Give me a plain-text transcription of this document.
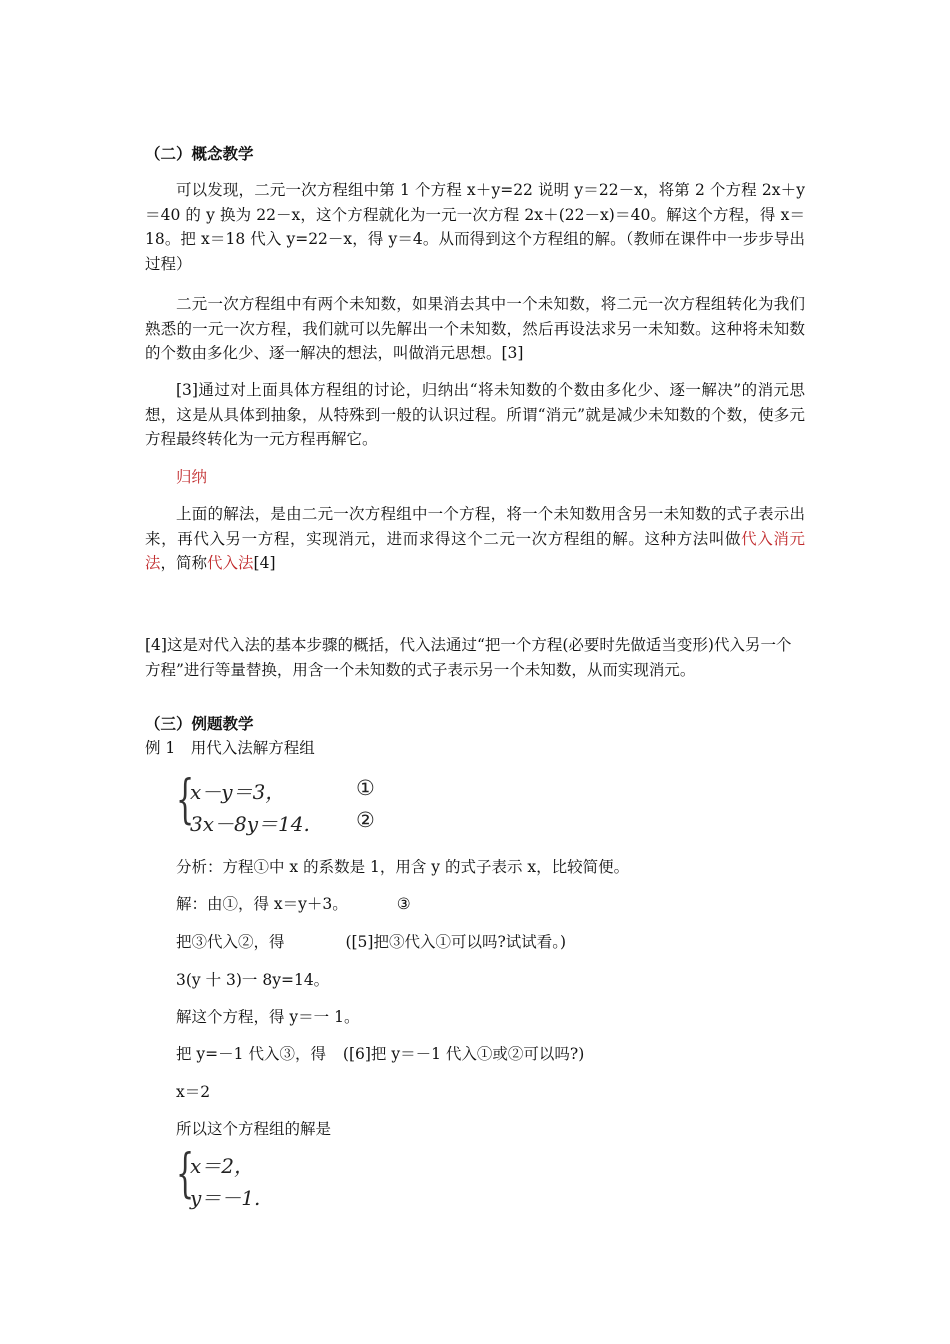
（二）概念教学
可以发现，二元一次方程组中第 1 个方程 x＋y=22 说明 y＝22－x，将第 2 个方程 2x＋y＝40 的 y 换为 22－x，这个方程就化为一元一次方程 2x＋(22－x)＝40。解这个方程，得 x＝18。把 x＝18 代入 y=22－x，得 y＝4。从而得到这个方程组的解。（教师在课件中一步步导出过程）
二元一次方程组中有两个未知数，如果消去其中一个未知数，将二元一次方程组转化为我们熟悉的一元一次方程，我们就可以先解出一个未知数，然后再设法求另一未知数。这种将未知数的个数由多化少、逐一解决的想法，叫做消元思想。[3]
[3]通过对上面具体方程组的讨论，归纳出“将未知数的个数由多化少、逐一解决”的消元思想，这是从具体到抽象，从特殊到一般的认识过程。所谓“消元”就是减少未知数的个数，使多元方程最终转化为一元方程再解它。
归纳
上面的解法，是由二元一次方程组中一个方程，将一个未知数用含另一未知数的式子表示出来，再代入另一方程，实现消元，进而求得这个二元一次方程组的解。这种方法叫做代入消元法，简称代入法[4]
[4]这是对代入法的基本步骤的概括，代入法通过“把一个方程(必要时先做适当变形)代入另一个方程”进行等量替换，用含一个未知数的式子表示另一个未知数，从而实现消元。
（三）例题教学
例 1　用代入法解方程组
{
x－y＝3，
3x－8y＝14.
①
②
分析：方程①中 x 的系数是 1，用含 y 的式子表示 x，比较简便。
解：由①，得 x＝y＋3。	③
把③代入②，得	([5]把③代入①可以吗?试试看。)
3(y 十 3)一 8y=14。
解这个方程，得 y＝一 1。
把 y=－1 代入③，得 ([6]把 y＝－1 代入①或②可以吗?)
x＝2
所以这个方程组的解是
{
x＝2，
y＝－1.
